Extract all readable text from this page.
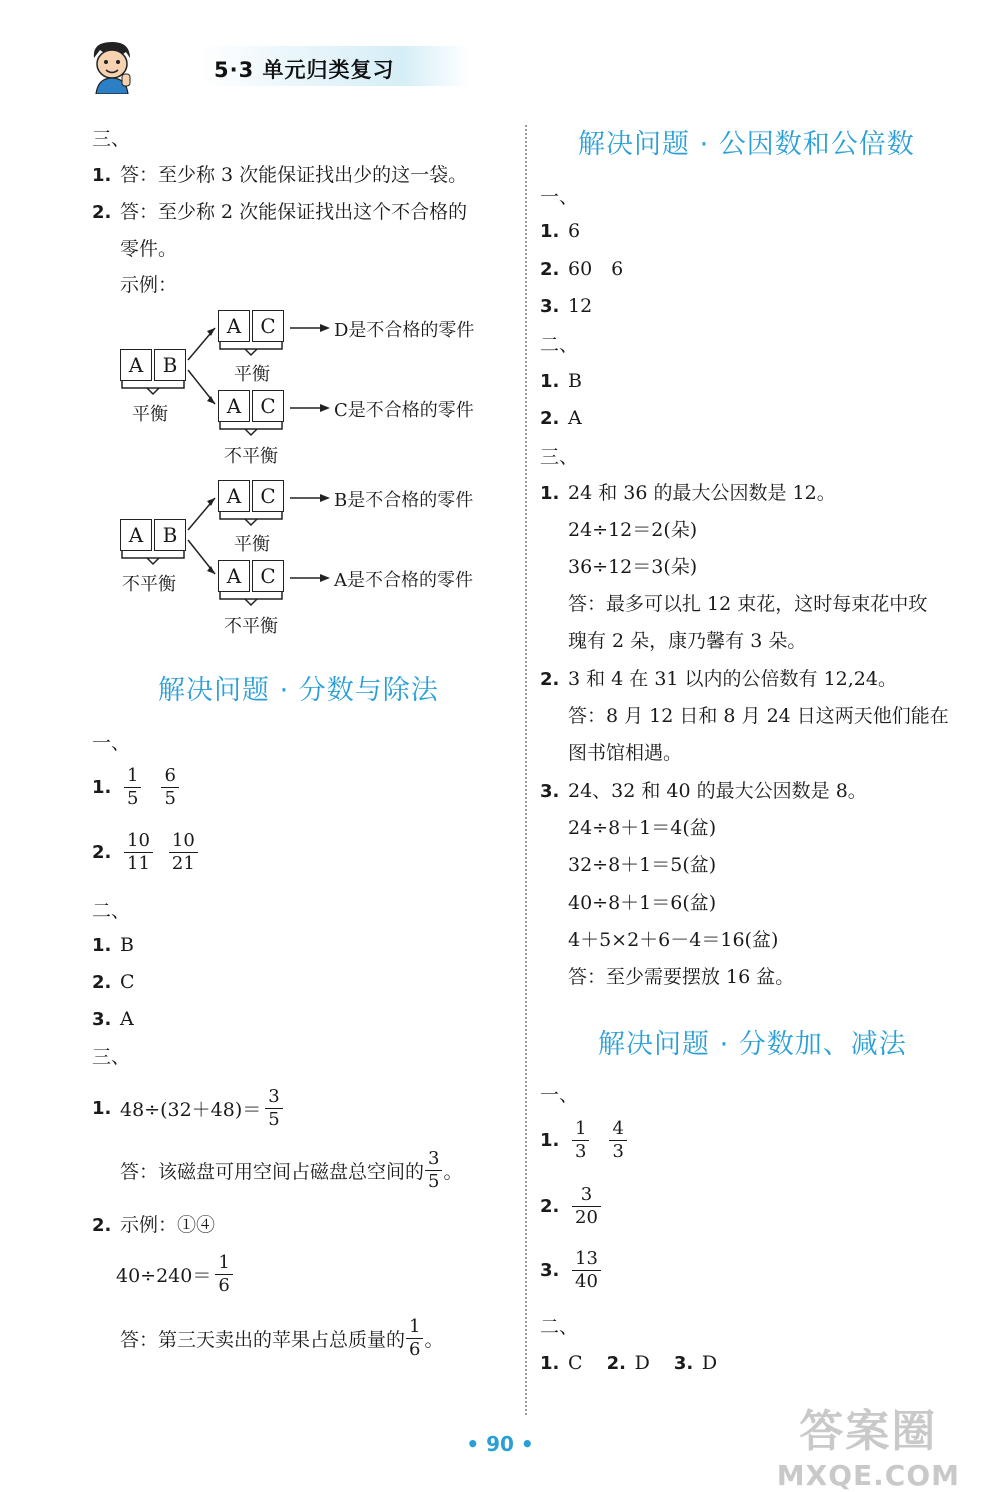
5·3 单元归类复习
三、
1. 答：至少称 3 次能保证找出少的这一袋。
2. 答：至少称 2 次能保证找出这个不合格的
零件。
示例：
A B
平衡
A C
平衡
D是不合格的零件
A C
不平衡
C是不合格的零件
A B
不平衡
A C
平衡
B是不合格的零件
A C
不平衡
A是不合格的零件
解决问题 · 分数与除法
一、
1. $\frac{1}{5} \frac{6}{5}$
2. $\frac{10}{11} \frac{10}{21}$
二、
1. B
2. C
3. A
三、
1. $48\div(32+48)= \frac{3}{5}$
答：该磁盘可用空间占磁盘总空间的 $\frac{3}{5}$ 。
2. 示例：①④
$40\div 240= \frac{1}{6}$
答：第三天卖出的苹果占总质量的 $\frac{1}{6}$ 。
解决问题 · 公因数和公倍数
一、
1. 6
2. 60　6
3. 12
二、
1. B
2. A
三、
1. 24 和 36 的最大公因数是 12。
24÷12＝2(朵)
36÷12＝3(朵)
答：最多可以扎 12 束花，这时每束花中玫
瑰有 2 朵，康乃馨有 3 朵。
2. 3 和 4 在 31 以内的公倍数有 12,24。
答：8 月 12 日和 8 月 24 日这两天他们能在
图书馆相遇。
3. 24、32 和 40 的最大公因数是 8。
24÷8＋1＝4(盆)
32÷8＋1＝5(盆)
40÷8＋1＝6(盆)
4＋5×2＋6－4＝16(盆)
答：至少需要摆放 16 盆。
解决问题 · 分数加、减法
一、
1. $\frac{1}{3} \frac{4}{3}$
2. $\frac{3}{20}$
3. $\frac{13}{40}$
二、
1. C 2. D 3. D
• 90 •	答案圈
MXQE.COM
